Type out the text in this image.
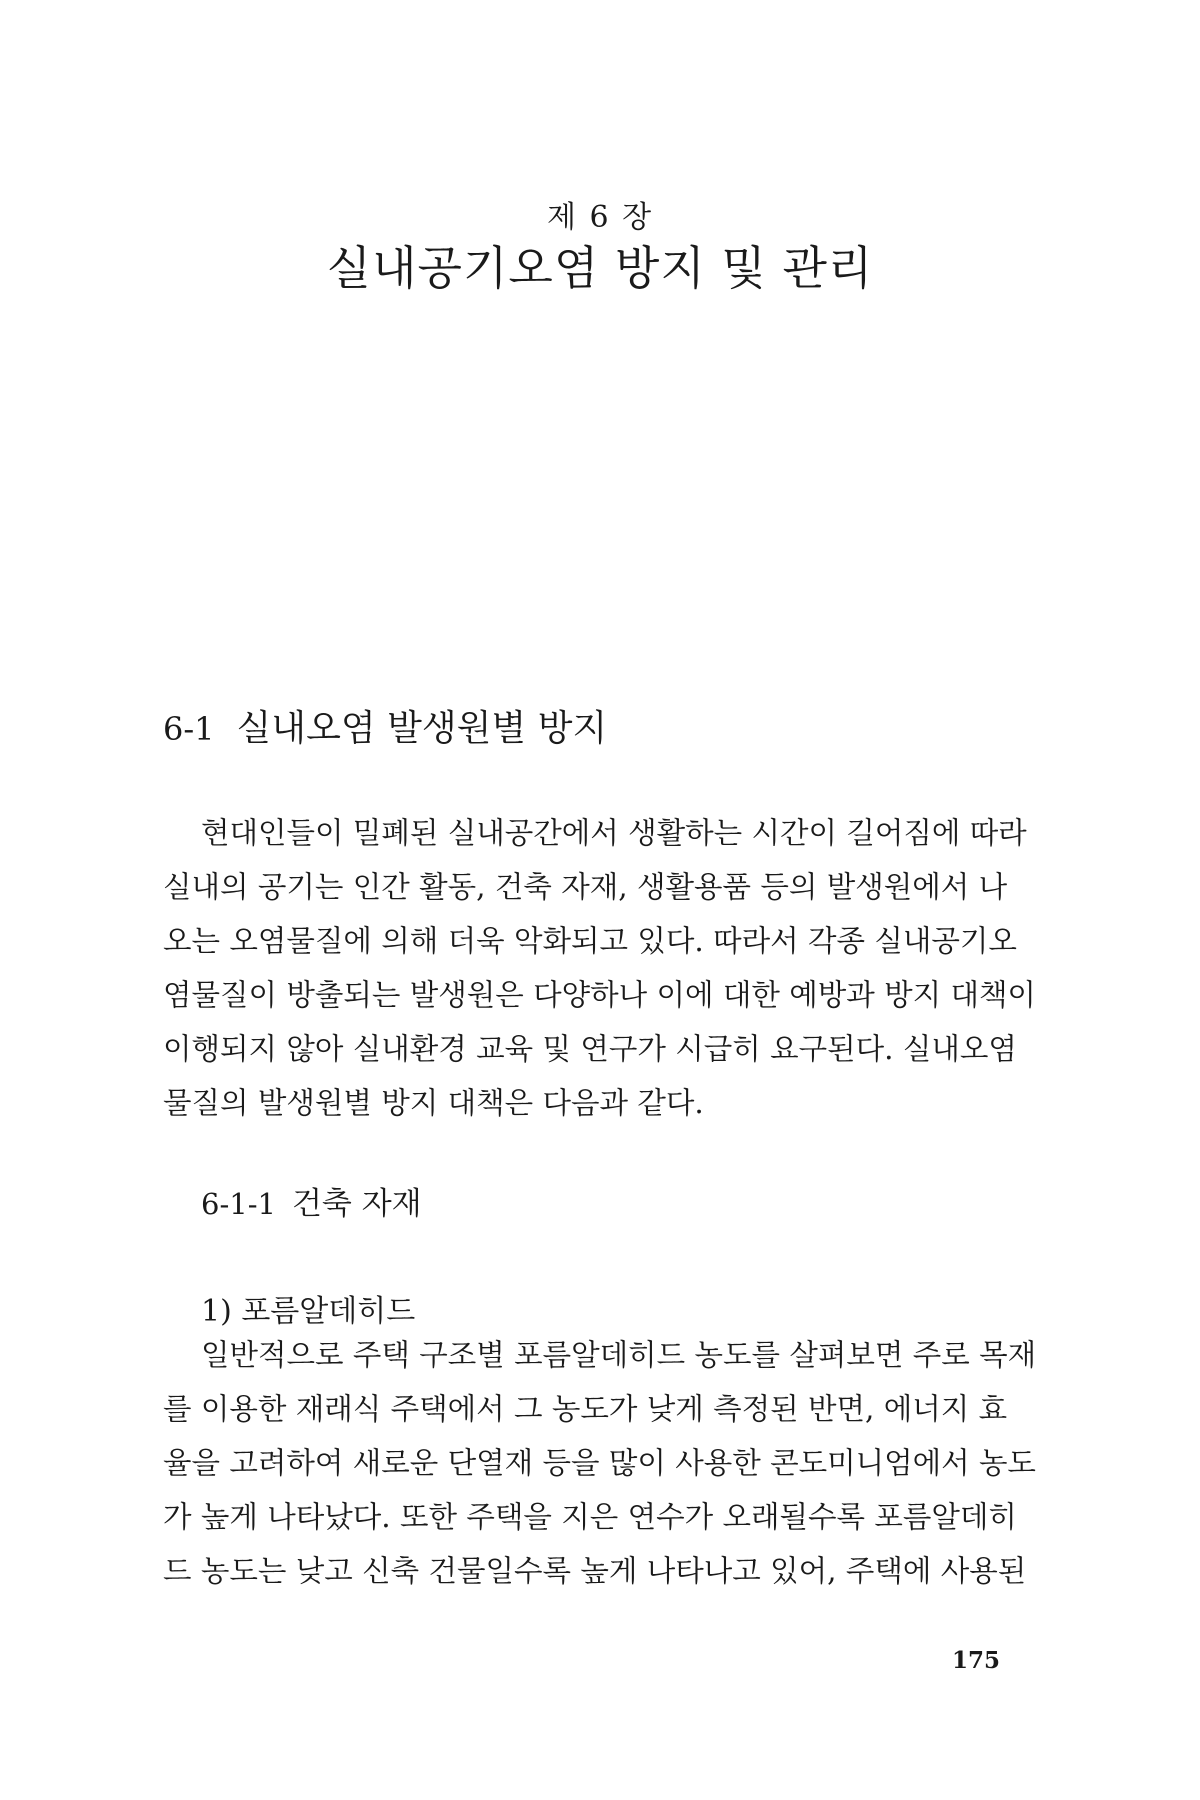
제 6 장
실내공기오염 방지 및 관리
6-1 실내오염 발생원별 방지
현대인들이 밀폐된 실내공간에서 생활하는 시간이 길어짐에 따라
실내의 공기는 인간 활동, 건축 자재, 생활용품 등의 발생원에서 나
오는 오염물질에 의해 더욱 악화되고 있다. 따라서 각종 실내공기오
염물질이 방출되는 발생원은 다양하나 이에 대한 예방과 방지 대책이
이행되지 않아 실내환경 교육 및 연구가 시급히 요구된다. 실내오염
물질의 발생원별 방지 대책은 다음과 같다.
6-1-1 건축 자재
1) 포름알데히드
일반적으로 주택 구조별 포름알데히드 농도를 살펴보면 주로 목재
를 이용한 재래식 주택에서 그 농도가 낮게 측정된 반면, 에너지 효
율을 고려하여 새로운 단열재 등을 많이 사용한 콘도미니엄에서 농도
가 높게 나타났다. 또한 주택을 지은 연수가 오래될수록 포름알데히
드 농도는 낮고 신축 건물일수록 높게 나타나고 있어, 주택에 사용된
175
